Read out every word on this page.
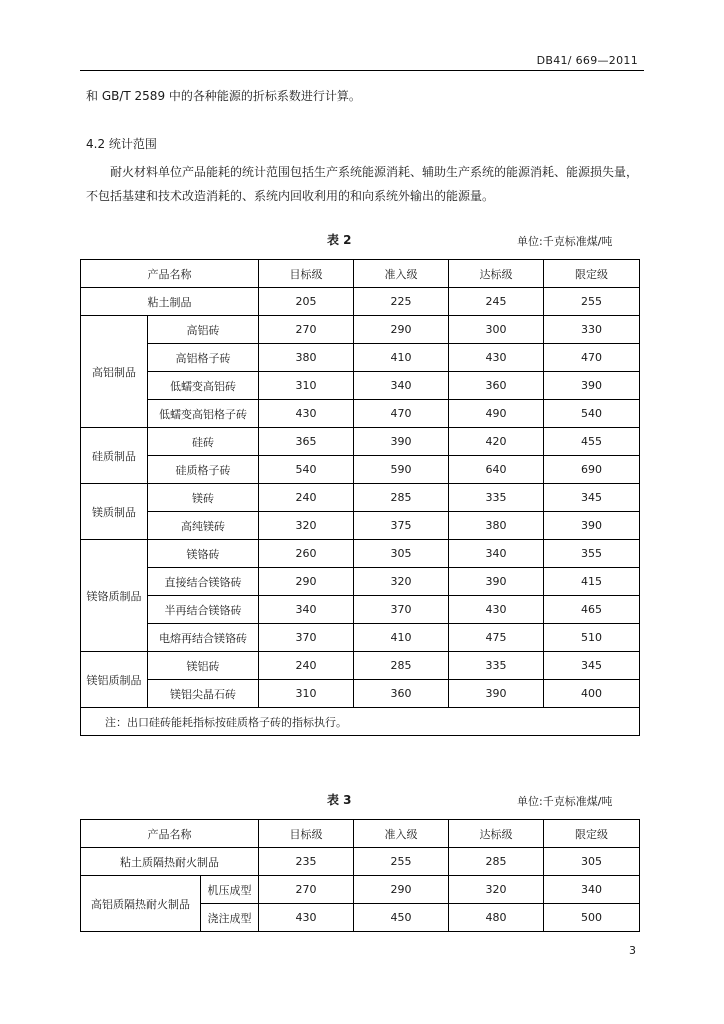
DB41/ 669—2011
和 GB/T 2589 中的各种能源的折标系数进行计算。
4.2 统计范围
耐火材料单位产品能耗的统计范围包括生产系统能源消耗、辅助生产系统的能源消耗、能源损失量，不包括基建和技术改造消耗的、系统内回收利用的和向系统外输出的能源量。
表 2	单位:千克标准煤/吨
产品名称		目标级	准入级	达标级	限定级
粘土制品		205	225	245	255
高铝制品	高铝砖	270	290	300	330
	高铝格子砖	380	410	430	470
	低蠕变高铝砖	310	340	360	390
	低蠕变高铝格子砖	430	470	490	540
硅质制品	硅砖	365	390	420	455
	硅质格子砖	540	590	640	690
镁质制品	镁砖	240	285	335	345
	高纯镁砖	320	375	380	390
镁铬质制品	镁铬砖	260	305	340	355
	直接结合镁铬砖	290	320	390	415
	半再结合镁铬砖	340	370	430	465
	电熔再结合镁铬砖	370	410	475	510
镁铝质制品	镁铝砖	240	285	335	345
	镁铝尖晶石砖	310	360	390	400
注：出口硅砖能耗指标按硅质格子砖的指标执行。					
表 3	单位:千克标准煤/吨
产品名称		目标级	准入级	达标级	限定级
粘土质隔热耐火制品		235	255	285	305
高铝质隔热耐火制品	机压成型	270	290	320	340
	浇注成型	430	450	480	500
3
